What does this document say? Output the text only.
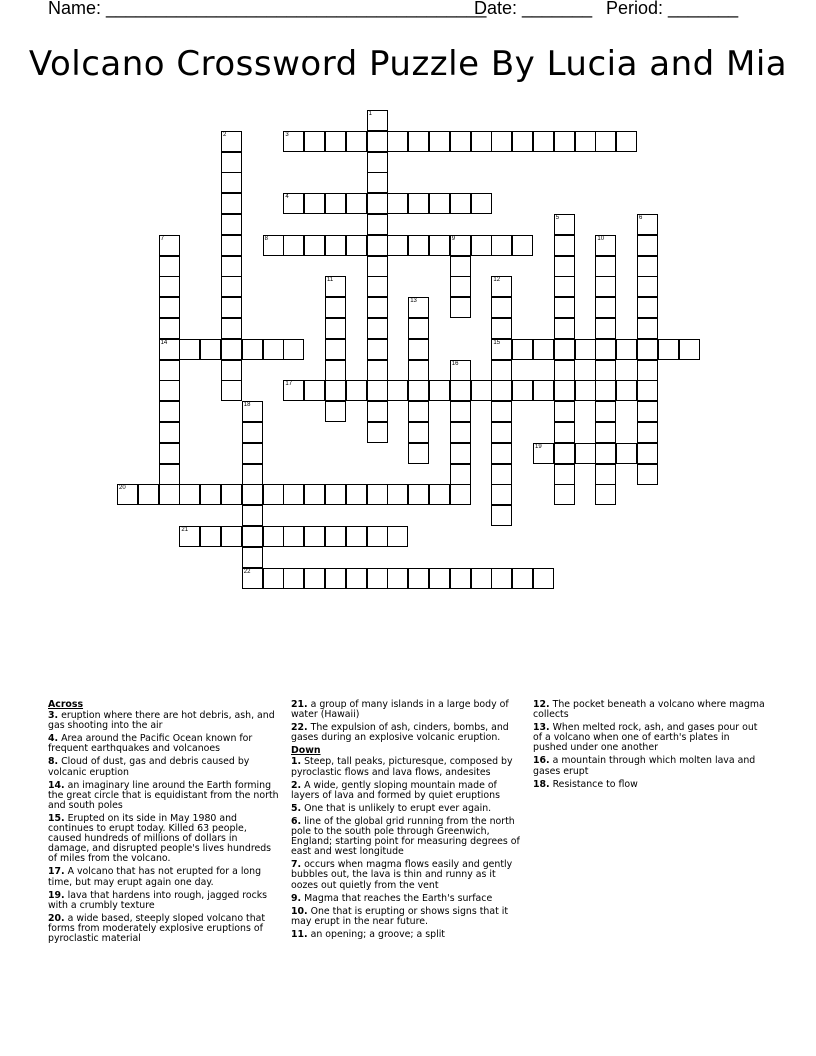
Name: ______________________________________
Date: _______ Period: _______
Volcano Crossword Puzzle By Lucia and Mia
1
2	3
4
5	6
7
14
8	9	10
11	12
15
13
16
17
18
22
19
20
21
Across
3. eruption where there are hot debris, ash, and gas shooting into the air
4. Area around the Pacific Ocean known for frequent earthquakes and volcanoes
8. Cloud of dust, gas and debris caused by volcanic eruption
14. an imaginary line around the Earth forming the great circle that is equidistant from the north and south poles
15. Erupted on its side in May 1980 and continues to erupt today. Killed 63 people, caused hundreds of millions of dollars in damage, and disrupted people's lives hundreds of miles from the volcano.
17. A volcano that has not erupted for a long time, but may erupt again one day.
19. lava that hardens into rough, jagged rocks with a crumbly texture
20. a wide based, steeply sloped volcano that forms from moderately explosive eruptions of pyroclastic material
21. a group of many islands in a large body of water (Hawaii)
22. The expulsion of ash, cinders, bombs, and gases during an explosive volcanic eruption.
Down
1. Steep, tall peaks, picturesque, composed by pyroclastic flows and lava flows, andesites
2. A wide, gently sloping mountain made of layers of lava and formed by quiet eruptions
5. One that is unlikely to erupt ever again.
6. line of the global grid running from the north pole to the south pole through Greenwich, England; starting point for measuring degrees of east and west longitude
7. occurs when magma flows easily and gently bubbles out, the lava is thin and runny as it oozes out quietly from the vent
9. Magma that reaches the Earth's surface
10. One that is erupting or shows signs that it may erupt in the near future.
11. an opening; a groove; a split
12. The pocket beneath a volcano where magma collects
13. When melted rock, ash, and gases pour out of a volcano when one of earth's plates in pushed under one another
16. a mountain through which molten lava and gases erupt
18. Resistance to flow
